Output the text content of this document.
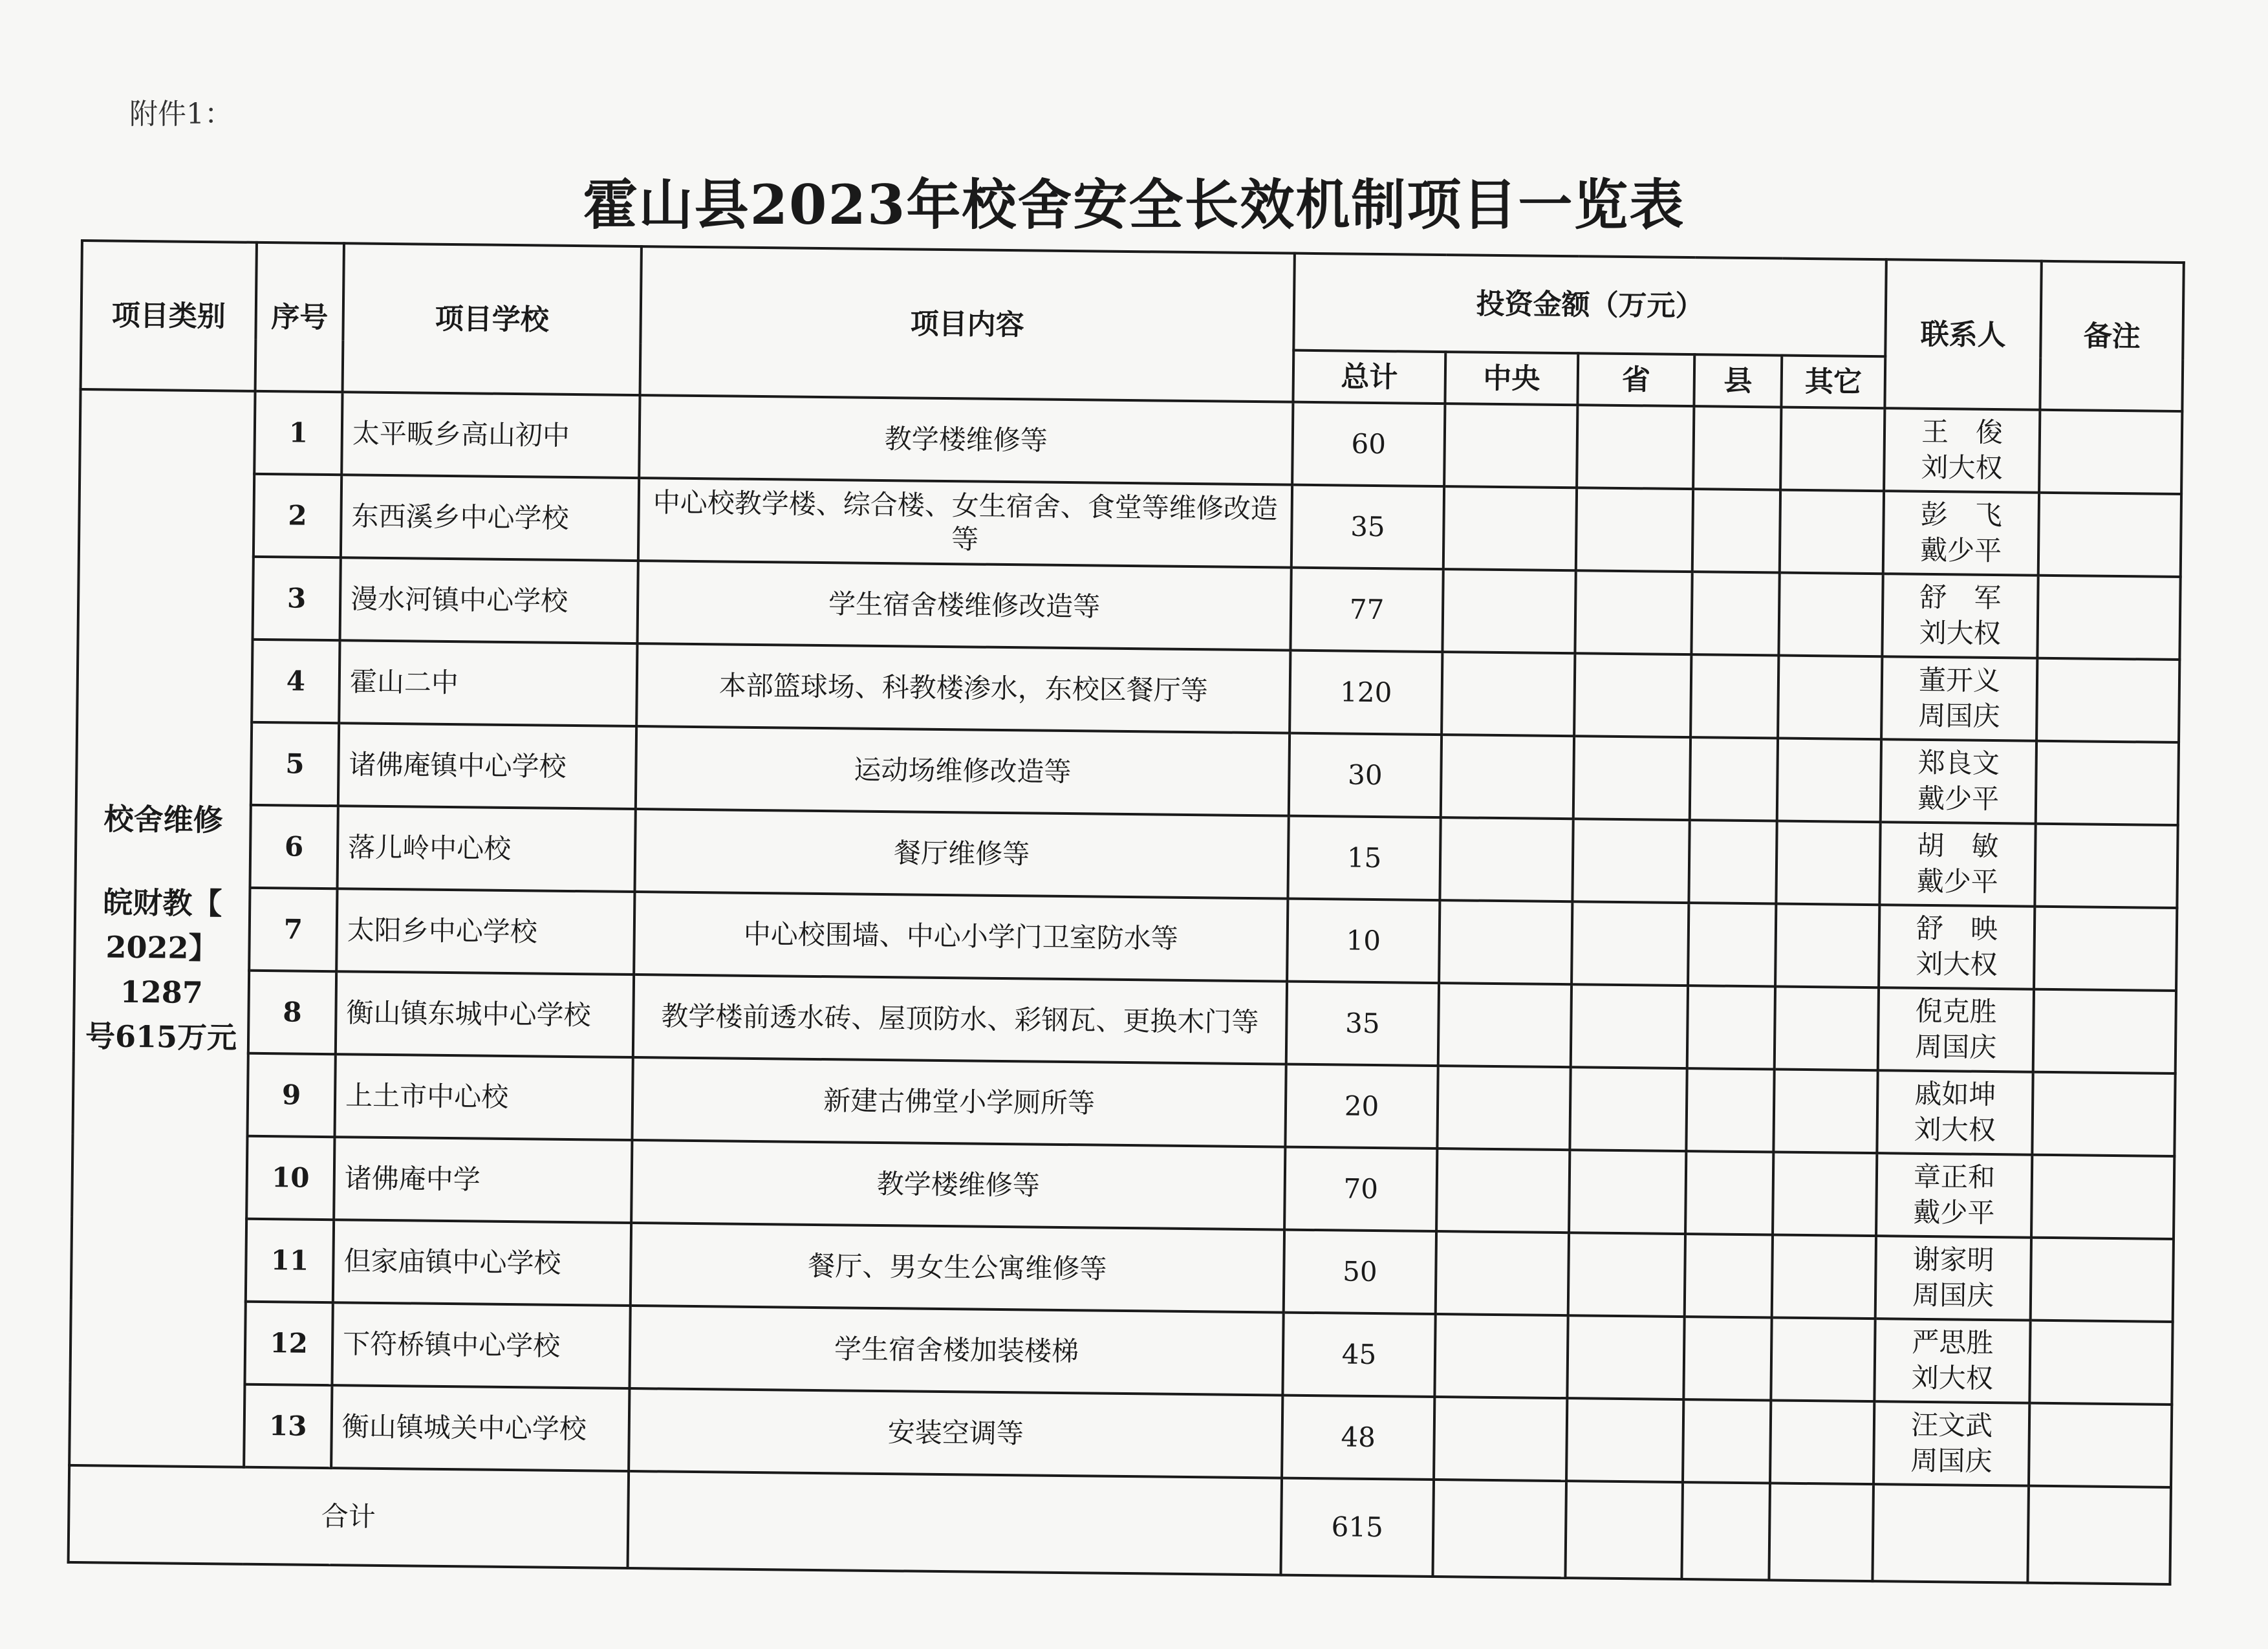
附件1：
霍山县2023年校舍安全长效机制项目一览表
项目类别	序号	项目学校	项目内容	投资金额（万元）					联系人	备注
				总计	中央	省	县	其它		

校舍维修
皖财教【
2022】1287
号615万元	1	太平畈乡高山初中	教学楼维修等	60					王　俊
刘大权	
	2	东西溪乡中心学校	中心校教学楼、综合楼、女生宿舍、食堂等维修改造等	35					彭　飞
戴少平	
	3	漫水河镇中心学校	学生宿舍楼维修改造等	77					舒　军
刘大权	
	4	霍山二中	本部篮球场、科教楼渗水，东校区餐厅等	120					董开义
周国庆	
	5	诸佛庵镇中心学校	运动场维修改造等	30					郑良文
戴少平	
	6	落儿岭中心校	餐厅维修等	15					胡　敏
戴少平	
	7	太阳乡中心学校	中心校围墙、中心小学门卫室防水等	10					舒　映
刘大权	
	8	衡山镇东城中心学校	教学楼前透水砖、屋顶防水、彩钢瓦、更换木门等	35					倪克胜
周国庆	
	9	上土市中心校	新建古佛堂小学厕所等	20					戚如坤
刘大权	
	10	诸佛庵中学	教学楼维修等	70					章正和
戴少平	
	11	但家庙镇中心学校	餐厅、男女生公寓维修等	50					谢家明
周国庆	
	12	下符桥镇中心学校	学生宿舍楼加装楼梯	45					严思胜
刘大权	
	13	衡山镇城关中心学校	安装空调等	48					汪文武
周国庆	
合计				615						
